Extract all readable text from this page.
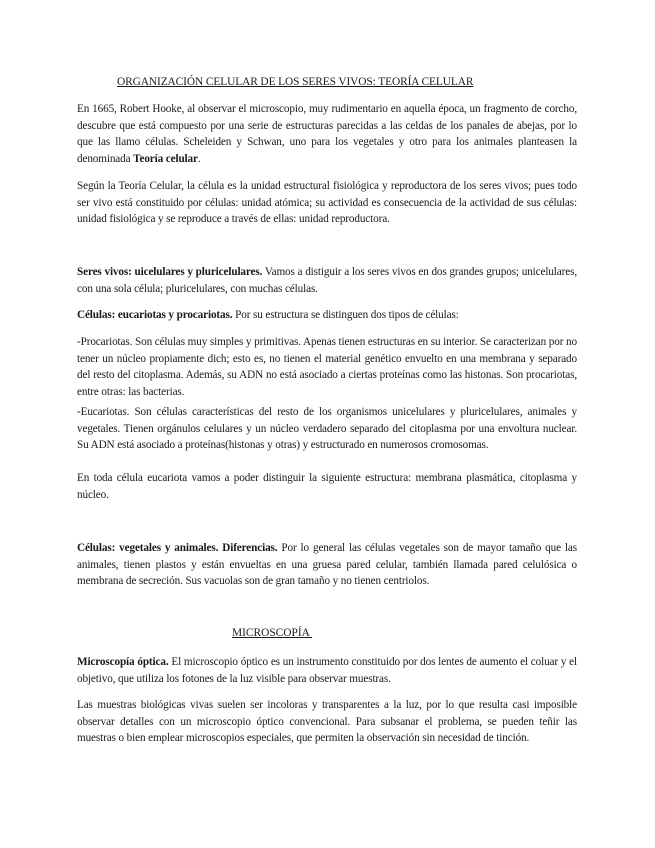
ORGANIZACIÓN CELULAR DE LOS SERES VIVOS: TEORÍA CELULAR

En 1665, Robert Hooke, al observar el microscopio, muy rudimentario en aquella época, un fragmento de corcho, descubre que está compuesto por una serie de estructuras parecidas a las celdas de los panales de abejas, por lo que las llamo células. Scheleiden y Schwan, uno para los vegetales y otro para los animales planteasen la denominada Teoría celular.

Según la Teoría Celular, la célula es la unidad estructural fisiológica y reproductora de los seres vivos; pues todo ser vivo está constituido por células: unidad atómica; su actividad es consecuencia de la actividad de sus células: unidad fisiológica y se reproduce a través de ellas: unidad reproductora.

Seres vivos: uicelulares y pluricelulares. Vamos a distiguir a los seres vivos en dos grandes grupos; unicelulares, con una sola célula; pluricelulares, con muchas células.

Células: eucariotas y procariotas. Por su estructura se distinguen dos tipos de células:

-Procariotas. Son células muy simples y primitivas. Apenas tienen estructuras en su interior. Se caracterizan por no tener un núcleo propiamente dich; esto es, no tienen el material genético envuelto en una membrana y separado del resto del citoplasma. Además, su ADN no está asociado a ciertas proteínas como las histonas. Son procariotas, entre otras: las bacterias.

-Eucariotas. Son células características del resto de los organismos unicelulares y pluricelulares, animales y vegetales. Tienen orgánulos celulares y un núcleo verdadero separado del citoplasma por una envoltura nuclear. Su ADN está asociado a proteínas(histonas y otras) y estructurado en numerosos cromosomas.

En toda célula eucariota vamos a poder distinguir la siguiente estructura: membrana plasmática, citoplasma y núcleo.

Células: vegetales y animales. Diferencias. Por lo general las células vegetales son de mayor tamaño que las animales, tienen plastos y están envueltas en una gruesa pared celular, también llamada pared celulósica o membrana de secreción. Sus vacuolas son de gran tamaño y no tienen centriolos.

MICROSCOPÍA

Microscopía óptica. El microscopio óptico es un instrumento constituido por dos lentes de aumento el coluar y el objetivo, que utiliza los fotones de la luz visible para observar muestras.

Las muestras biológicas vivas suelen ser incoloras y transparentes a la luz, por lo que resulta casi imposible observar detalles con un microscopio óptico convencional. Para subsanar el problema, se pueden teñir las muestras o bien emplear microscopios especiales, que permiten la observación sin necesidad de tinción.
